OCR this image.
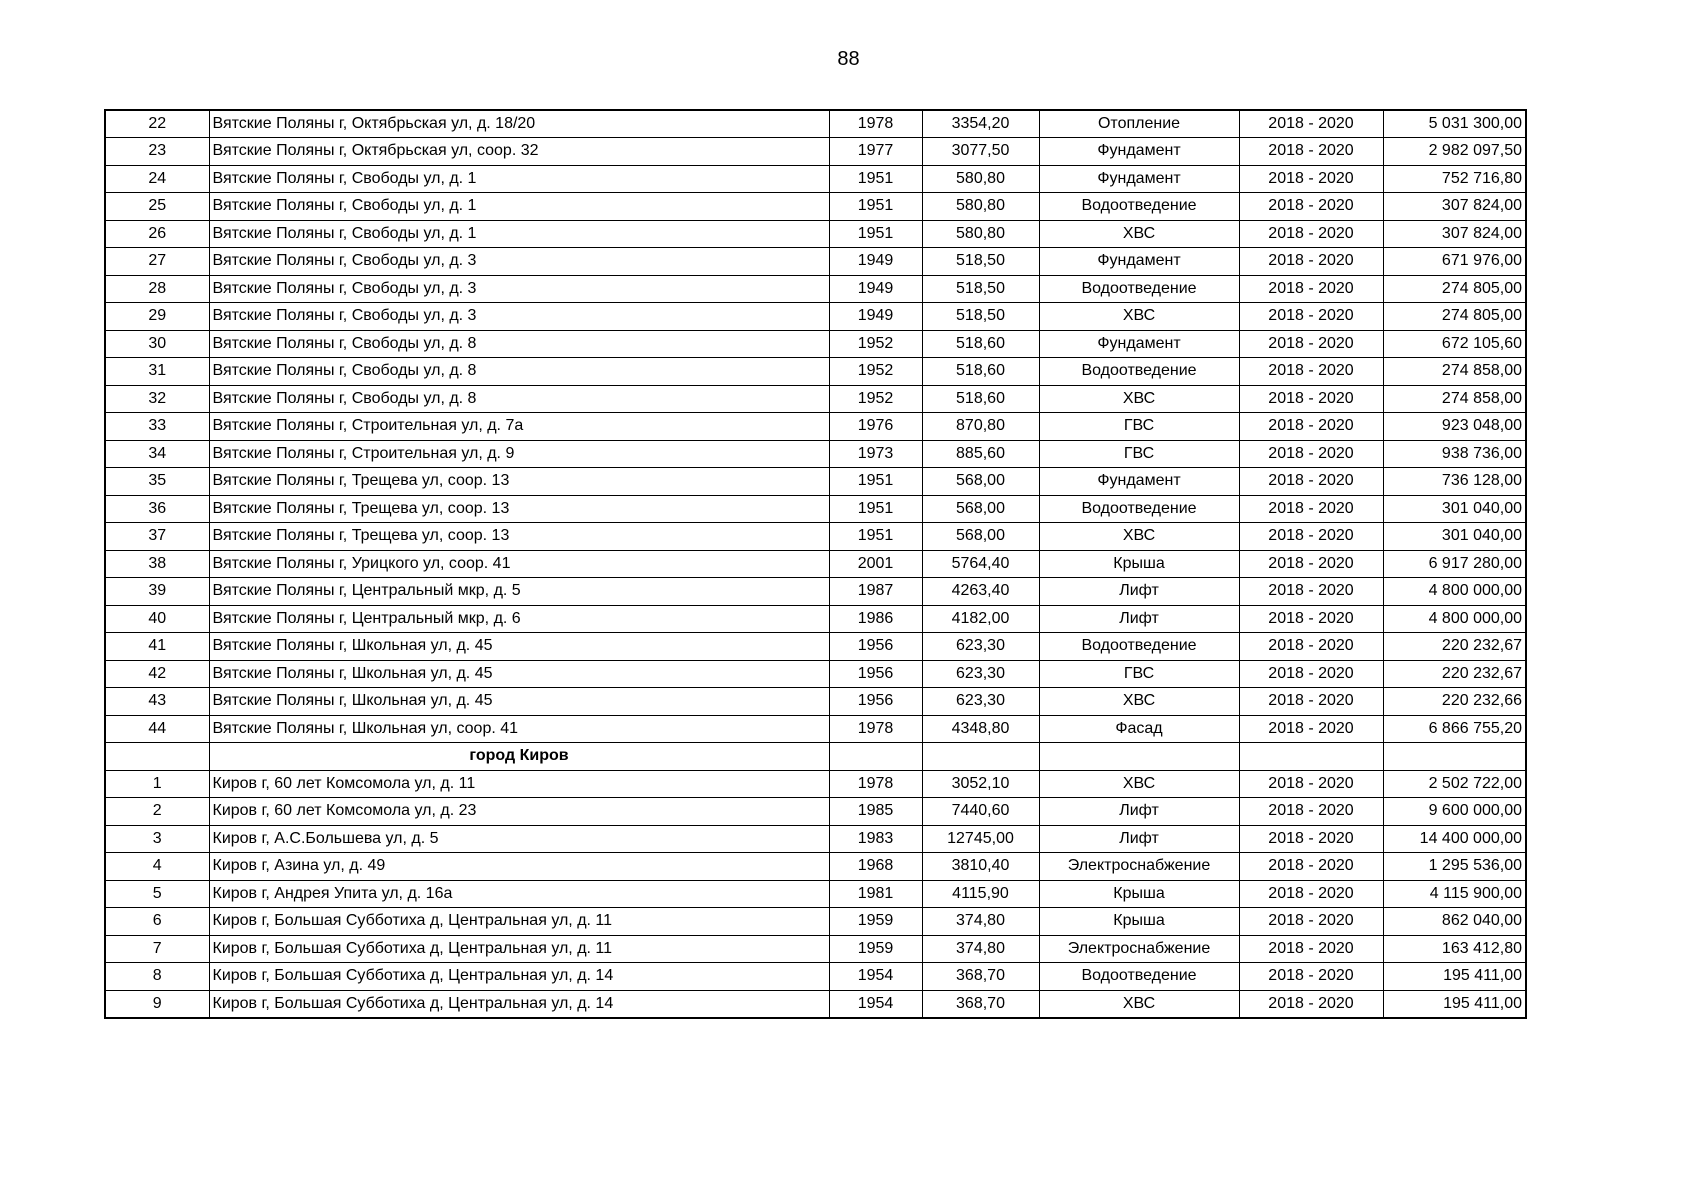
88
22	Вятские Поляны г, Октябрьская ул, д. 18/20	1978	3354,20	Отопление	2018 - 2020	5 031 300,00
23	Вятские Поляны г, Октябрьская ул, соор. 32	1977	3077,50	Фундамент	2018 - 2020	2 982 097,50
24	Вятские Поляны г, Свободы ул, д. 1	1951	580,80	Фундамент	2018 - 2020	752 716,80
25	Вятские Поляны г, Свободы ул, д. 1	1951	580,80	Водоотведение	2018 - 2020	307 824,00
26	Вятские Поляны г, Свободы ул, д. 1	1951	580,80	ХВС	2018 - 2020	307 824,00
27	Вятские Поляны г, Свободы ул, д. 3	1949	518,50	Фундамент	2018 - 2020	671 976,00
28	Вятские Поляны г, Свободы ул, д. 3	1949	518,50	Водоотведение	2018 - 2020	274 805,00
29	Вятские Поляны г, Свободы ул, д. 3	1949	518,50	ХВС	2018 - 2020	274 805,00
30	Вятские Поляны г, Свободы ул, д. 8	1952	518,60	Фундамент	2018 - 2020	672 105,60
31	Вятские Поляны г, Свободы ул, д. 8	1952	518,60	Водоотведение	2018 - 2020	274 858,00
32	Вятские Поляны г, Свободы ул, д. 8	1952	518,60	ХВС	2018 - 2020	274 858,00
33	Вятские Поляны г, Строительная ул, д. 7а	1976	870,80	ГВС	2018 - 2020	923 048,00
34	Вятские Поляны г, Строительная ул, д. 9	1973	885,60	ГВС	2018 - 2020	938 736,00
35	Вятские Поляны г, Трещева ул, соор. 13	1951	568,00	Фундамент	2018 - 2020	736 128,00
36	Вятские Поляны г, Трещева ул, соор. 13	1951	568,00	Водоотведение	2018 - 2020	301 040,00
37	Вятские Поляны г, Трещева ул, соор. 13	1951	568,00	ХВС	2018 - 2020	301 040,00
38	Вятские Поляны г, Урицкого ул, соор. 41	2001	5764,40	Крыша	2018 - 2020	6 917 280,00
39	Вятские Поляны г, Центральный мкр, д. 5	1987	4263,40	Лифт	2018 - 2020	4 800 000,00
40	Вятские Поляны г, Центральный мкр, д. 6	1986	4182,00	Лифт	2018 - 2020	4 800 000,00
41	Вятские Поляны г, Школьная ул, д. 45	1956	623,30	Водоотведение	2018 - 2020	220 232,67
42	Вятские Поляны г, Школьная ул, д. 45	1956	623,30	ГВС	2018 - 2020	220 232,67
43	Вятские Поляны г, Школьная ул, д. 45	1956	623,30	ХВС	2018 - 2020	220 232,66
44	Вятские Поляны г, Школьная ул, соор. 41	1978	4348,80	Фасад	2018 - 2020	6 866 755,20
	город Киров					
1	Киров г, 60 лет Комсомола ул, д. 11	1978	3052,10	ХВС	2018 - 2020	2 502 722,00
2	Киров г, 60 лет Комсомола ул, д. 23	1985	7440,60	Лифт	2018 - 2020	9 600 000,00
3	Киров г, А.С.Большева ул, д. 5	1983	12745,00	Лифт	2018 - 2020	14 400 000,00
4	Киров г, Азина ул, д. 49	1968	3810,40	Электроснабжение	2018 - 2020	1 295 536,00
5	Киров г, Андрея Упита ул, д. 16а	1981	4115,90	Крыша	2018 - 2020	4 115 900,00
6	Киров г, Большая Субботиха д, Центральная ул, д. 11	1959	374,80	Крыша	2018 - 2020	862 040,00
7	Киров г, Большая Субботиха д, Центральная ул, д. 11	1959	374,80	Электроснабжение	2018 - 2020	163 412,80
8	Киров г, Большая Субботиха д, Центральная ул, д. 14	1954	368,70	Водоотведение	2018 - 2020	195 411,00
9	Киров г, Большая Субботиха д, Центральная ул, д. 14	1954	368,70	ХВС	2018 - 2020	195 411,00
